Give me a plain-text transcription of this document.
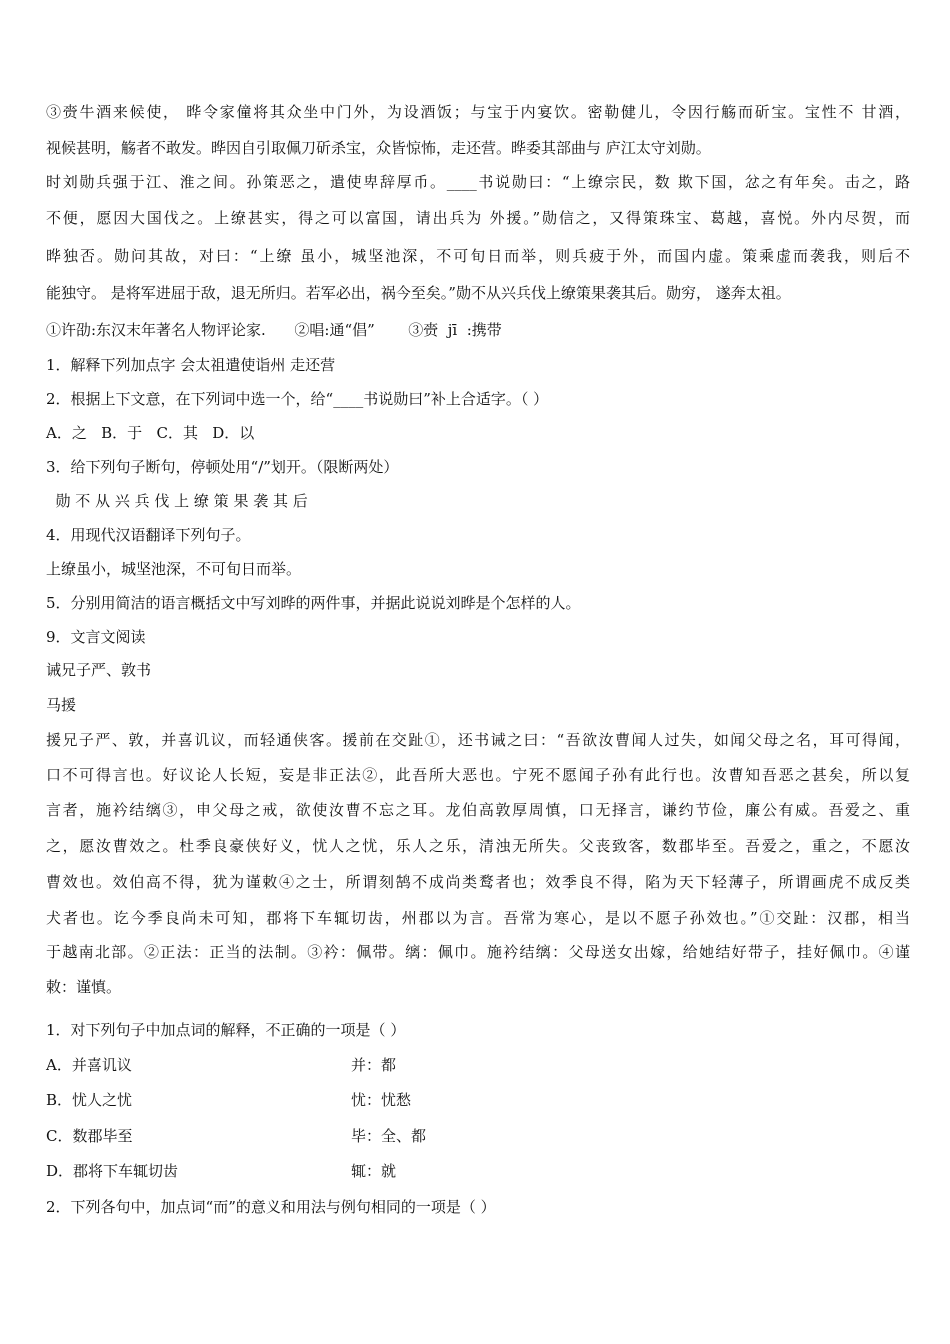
③赍牛酒来候使， 晔令家僮将其众坐中门外，为设酒饭；与宝于内宴饮。密勒健儿，令因行觞而斫宝。宝性不 甘酒，
视候甚明，觞者不敢发。晔因自引取佩刀斫杀宝，众皆惊怖，走还营。晔委其部曲与 庐江太守刘勋。
时刘勋兵强于江、淮之间。孙策恶之，遣使卑辞厚币。____书说勋曰：“上缭宗民，数 欺下国，忿之有年矣。击之，路
不便，愿因大国伐之。上缭甚实，得之可以富国，请出兵为 外援。”勋信之，又得策珠宝、葛越，喜悦。外内尽贺，而
晔独否。勋问其故，对曰：“上缭 虽小，城坚池深，不可旬日而举，则兵疲于外，而国内虚。策乘虚而袭我，则后不
能独守。 是将军进屈于敌，退无所归。若军必出，祸今至矣。”勋不从兴兵伐上缭策果袭其后。勋穷， 遂奔太祖。
①许劭:东汉末年著名人物评论家.      ②唱:通“倡”       ③赍  jī  :携带
1．解释下列加点字 会太祖遣使诣州 走还营
2．根据上下文意，在下列词中选一个，给“____书说勋曰”补上合适字。（ ）
A．之   B．于   C．其   D．以
3．给下列句子断句，停顿处用“/”划开。（限断两处）
勋 不 从 兴 兵 伐 上 缭 策 果 袭 其 后
4．用现代汉语翻译下列句子。
上缭虽小，城坚池深，不可旬日而举。
5．分别用简洁的语言概括文中写刘晔的两件事，并据此说说刘晔是个怎样的人。
9．文言文阅读
诫兄子严、敦书
马援
援兄子严、敦，并喜讥议，而轻通侠客。援前在交趾①，还书诫之曰：“吾欲汝曹闻人过失，如闻父母之名，耳可得闻，
口不可得言也。好议论人长短，妄是非正法②，此吾所大恶也。宁死不愿闻子孙有此行也。汝曹知吾恶之甚矣，所以复
言者，施衿结缡③，申父母之戒，欲使汝曹不忘之耳。龙伯高敦厚周慎，口无择言，谦约节俭，廉公有威。吾爱之、重
之，愿汝曹效之。杜季良豪侠好义，忧人之忧，乐人之乐，清浊无所失。父丧致客，数郡毕至。吾爱之，重之，不愿汝
曹效也。效伯高不得，犹为谨敕④之士，所谓刻鹄不成尚类鹜者也；效季良不得，陷为天下轻薄子，所谓画虎不成反类
犬者也。讫今季良尚未可知，郡将下车辄切齿，州郡以为言。吾常为寒心，是以不愿子孙效也。”①交趾：汉郡，相当
于越南北部。②正法：正当的法制。③衿：佩带。缡：佩巾。施衿结缡：父母送女出嫁，给她结好带子，挂好佩巾。④谨
敕：谨慎。
1．对下列句子中加点词的解释，不正确的一项是（ ）
A．并喜讥议	并：都
B．忧人之忧	忧：忧愁
C．数郡毕至	毕：全、都
D．郡将下车辄切齿	辄：就
2．下列各句中，加点词“而”的意义和用法与例句相同的一项是（ ）
